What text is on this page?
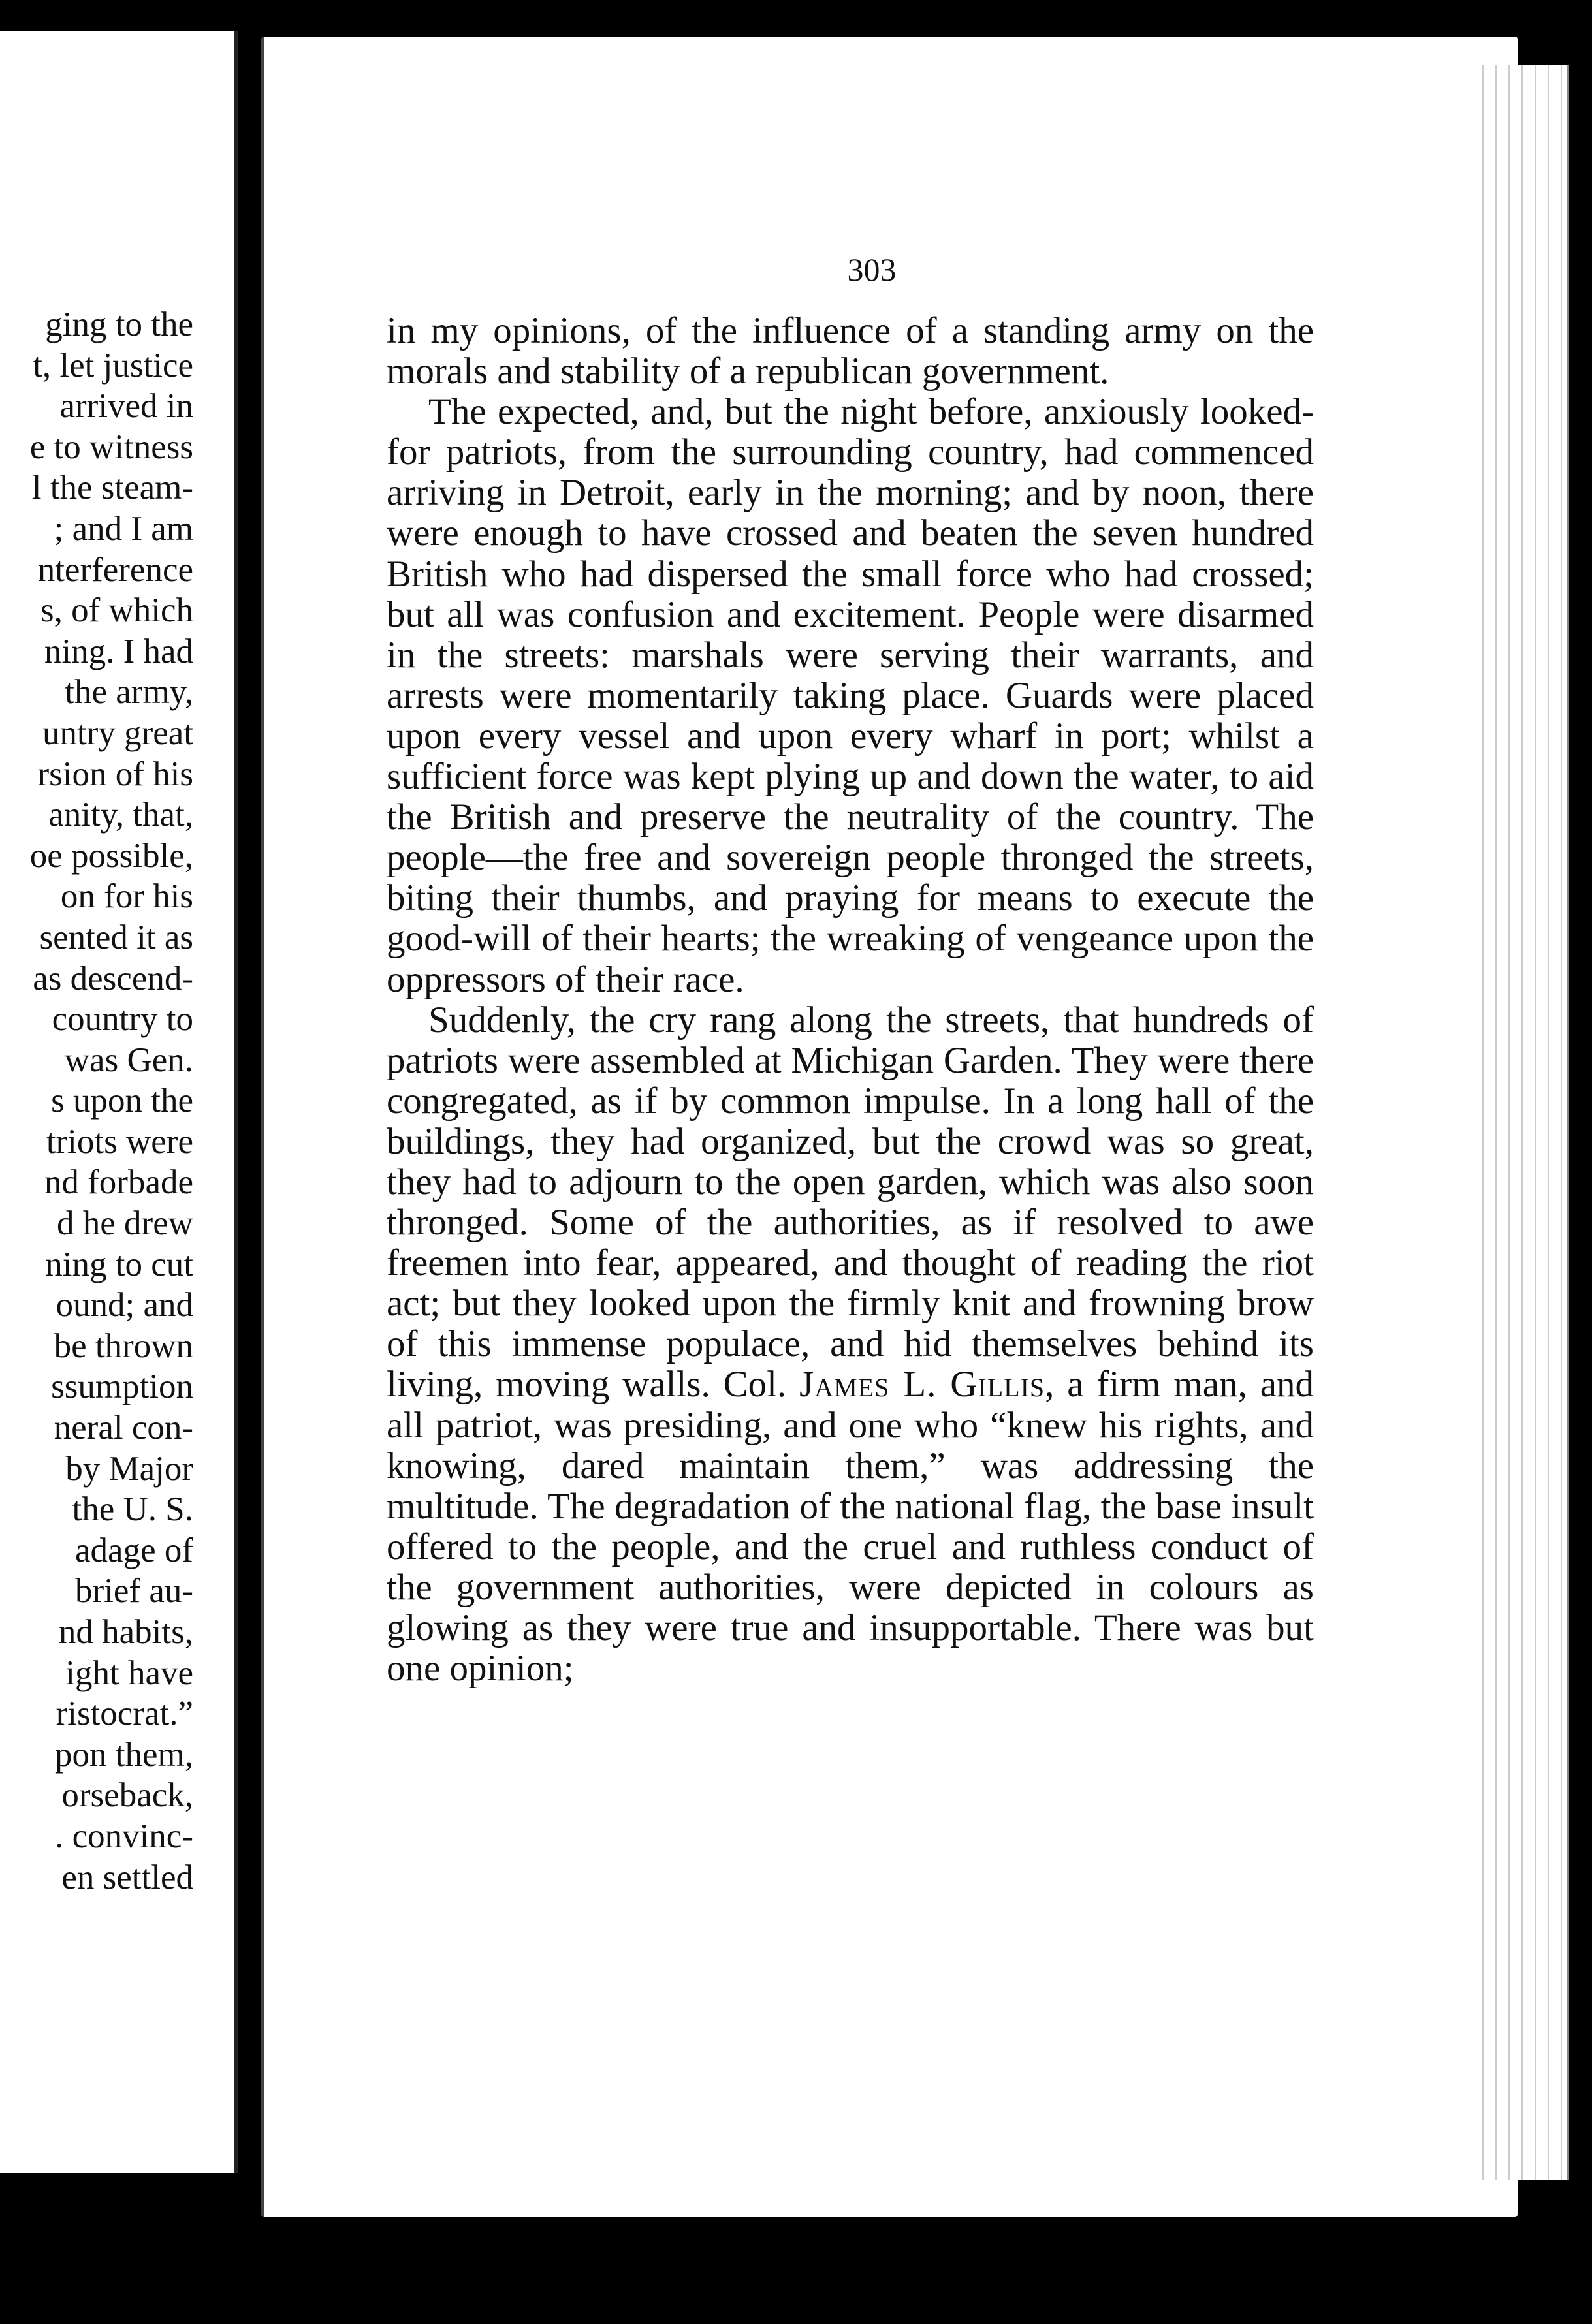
ging to the
t, let justice
arrived in
e to witness
l the steam-
; and I am
nterference
s, of which
ning. I had
the army,
untry great
rsion of his
anity, that,
oe possible,
on for his
sented it as
as descend-
country to
was Gen.
s upon the
triots were
nd forbade
d he drew
ning to cut
ound; and
be thrown
ssumption
neral con-
by Major
the U. S.
adage of
brief au-
nd habits,
ight have
ristocrat.”
pon them,
orseback,
. convinc-
en settled
303

in my opinions, of the influence of a standing army on the morals and stability of a republican government.

The expected, and, but the night before, anxiously looked-for patriots, from the surrounding country, had commenced arriving in Detroit, early in the morning; and by noon, there were enough to have crossed and beaten the seven hundred British who had dispersed the small force who had crossed; but all was confusion and excitement. People were disarmed in the streets: marshals were serving their warrants, and arrests were momentarily taking place. Guards were placed upon every vessel and upon every wharf in port; whilst a sufficient force was kept plying up and down the water, to aid the British and preserve the neutrality of the country. The people—the free and sovereign people thronged the streets, biting their thumbs, and praying for means to execute the good-will of their hearts; the wreaking of vengeance upon the oppressors of their race.

Suddenly, the cry rang along the streets, that hundreds of patriots were assembled at Michigan Garden. They were there congregated, as if by common impulse. In a long hall of the buildings, they had organized, but the crowd was so great, they had to adjourn to the open garden, which was also soon thronged. Some of the authorities, as if resolved to awe freemen into fear, appeared, and thought of reading the riot act; but they looked upon the firmly knit and frowning brow of this immense populace, and hid themselves behind its living, moving walls. Col. James L. Gillis, a firm man, and all patriot, was presiding, and one who “knew his rights, and knowing, dared maintain them,” was addressing the multitude. The degradation of the national flag, the base insult offered to the people, and the cruel and ruthless conduct of the government authorities, were depicted in colours as glowing as they were true and insupportable. There was but one opinion;
